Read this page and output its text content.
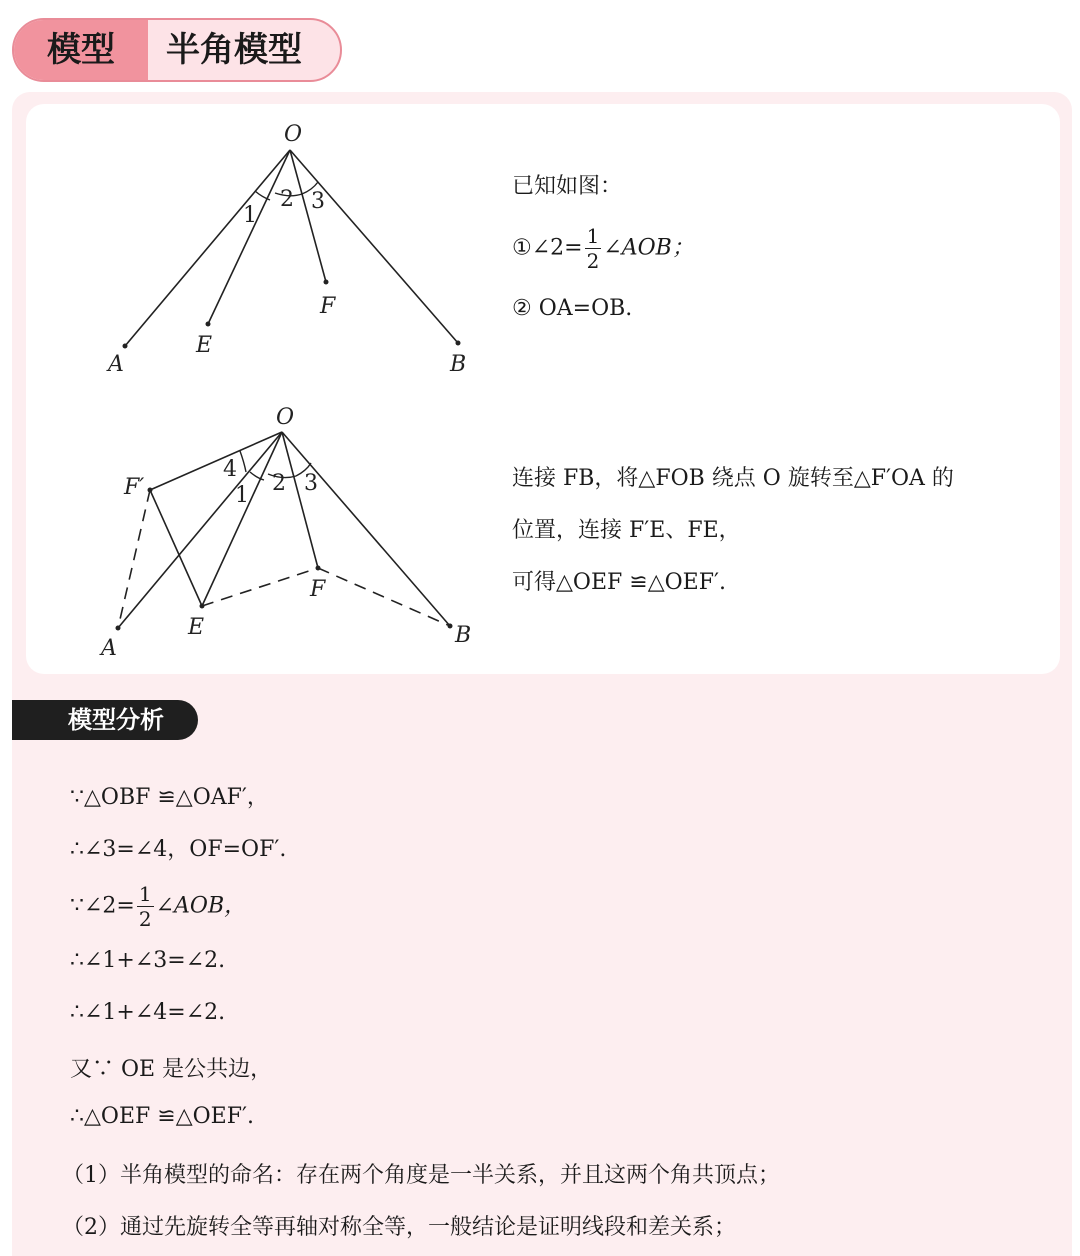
模型	半角模型
O
A
E
F
B
1
2 3
已知如图：
①∠2= $\frac{1}{2}$ ∠AOB；
② OA=OB.
O
F′
A
E
F
B
4
1 2 3	连接 FB，将△FOB 绕点 O 旋转至△F′OA 的
位置，连接 F′E、FE，
可得△OEF ≌△OEF′.
模型分析
∵△OBF ≌△OAF′，
∴∠3=∠4，OF=OF′.
∵∠2= $\frac{1}{2}$ ∠AOB，
∴∠1+∠3=∠2.
∴∠1+∠4=∠2.
又∵ OE 是公共边，
∴△OEF ≌△OEF′.
（1）半角模型的命名：存在两个角度是一半关系，并且这两个角共顶点；
（2）通过先旋转全等再轴对称全等，一般结论是证明线段和差关系；
